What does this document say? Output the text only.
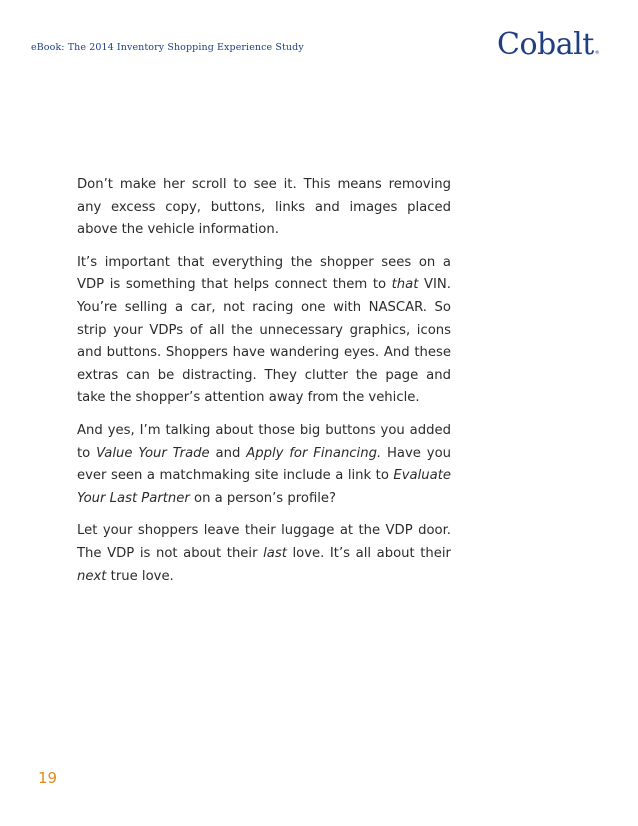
eBook: The 2014 Inventory Shopping Experience Study	Cobalt®

Don’t make her scroll to see it. This means removing any excess copy, buttons, links and images placed above the vehicle information.

It’s important that everything the shopper sees on a VDP is something that helps connect them to that VIN. You’re selling a car, not racing one with NASCAR. So strip your VDPs of all the unnecessary graphics, icons and buttons. Shoppers have wandering eyes. And these extras can be distracting. They clutter the page and take the shopper’s attention away from the vehicle.

And yes, I’m talking about those big buttons you added to Value Your Trade and Apply for Financing. Have you ever seen a matchmaking site include a link to Evaluate Your Last Partner on a person’s profile?

Let your shoppers leave their luggage at the VDP door. The VDP is not about their last love. It’s all about their next true love.

19
